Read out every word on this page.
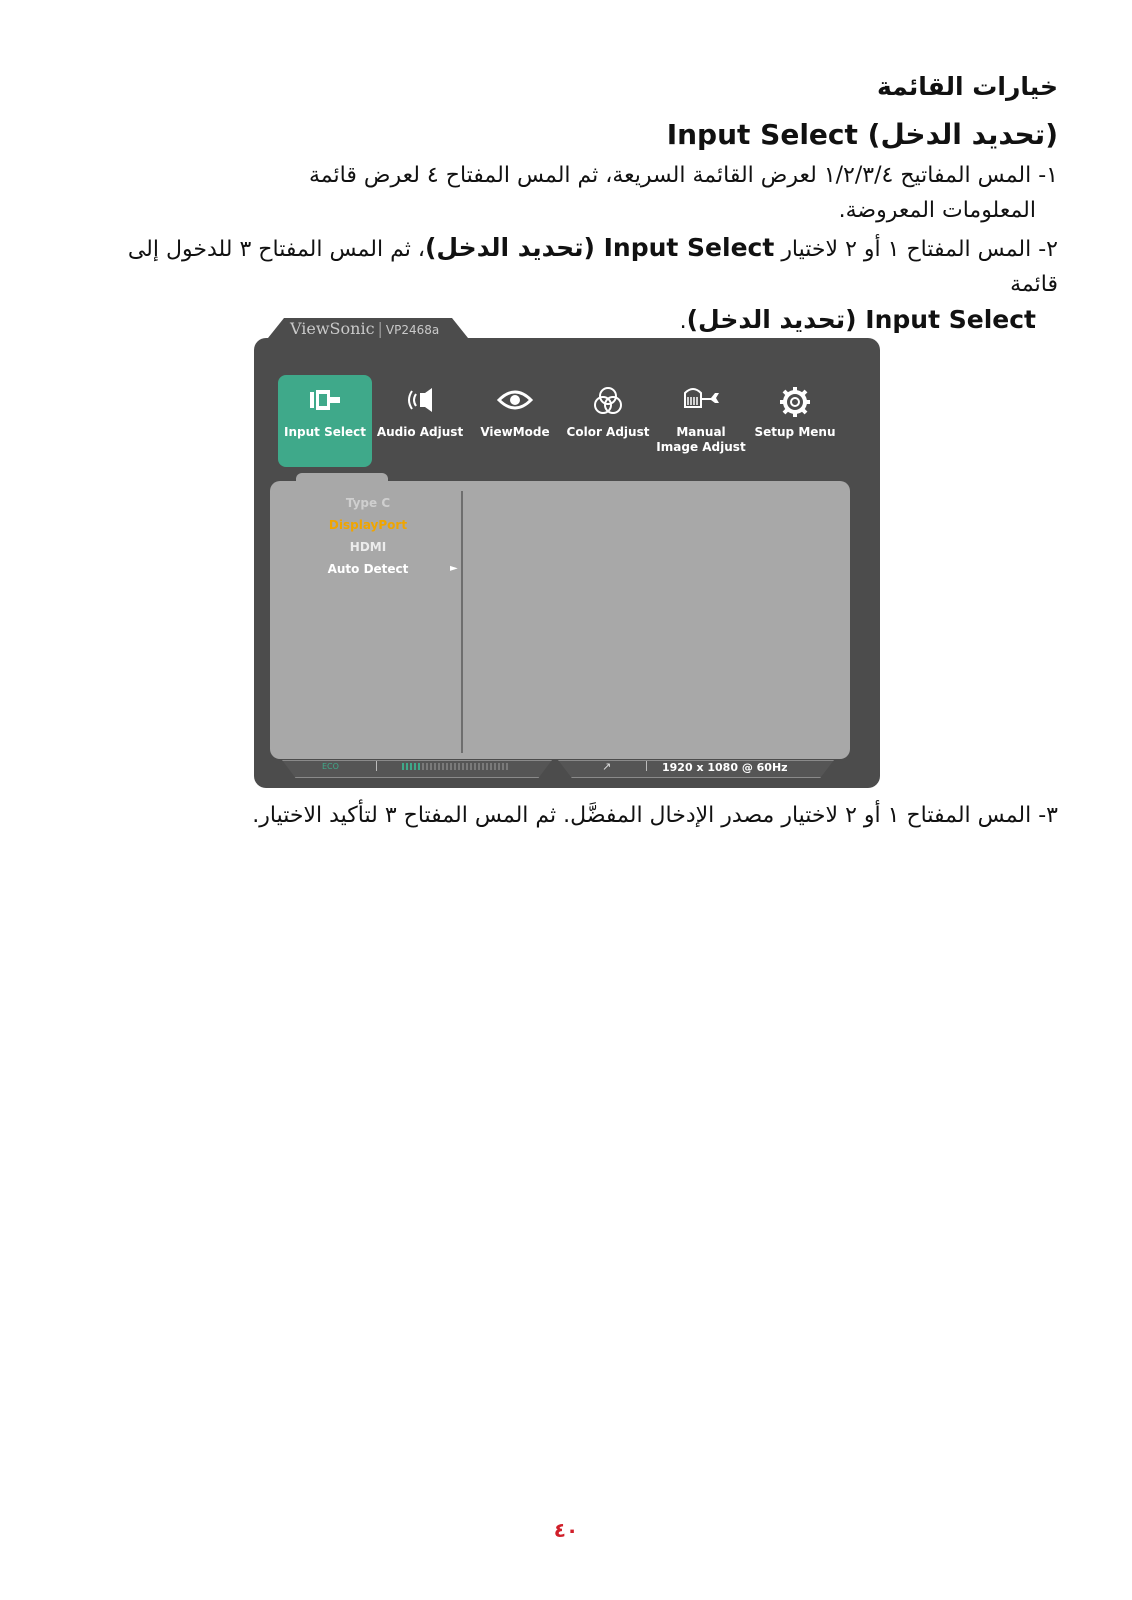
خيارات القائمة
Input Select (تحديد الدخل)
١- المس المفاتيح ١/٢/٣/٤ لعرض القائمة السريعة، ثم المس المفتاح ٤ لعرض قائمة
المعلومات المعروضة.
٢- المس المفتاح ١ أو ٢ لاختيار Input Select (تحديد الدخل)، ثم المس المفتاح ٣ للدخول إلى قائمة
Input Select (تحديد الدخل).
ViewSonic | VP2468a
Input Select Audio Adjust	ViewMode	Color Adjust	Manual Image Adjust
Setup Menu
Type C
DisplayPort
HDMI
Auto Detect	►
ECO	↗	1920 x 1080 @ 60Hz
٣- المس المفتاح ١ أو ٢ لاختيار مصدر الإدخال المفضَّل. ثم المس المفتاح ٣ لتأكيد الاختيار.
٤٠
